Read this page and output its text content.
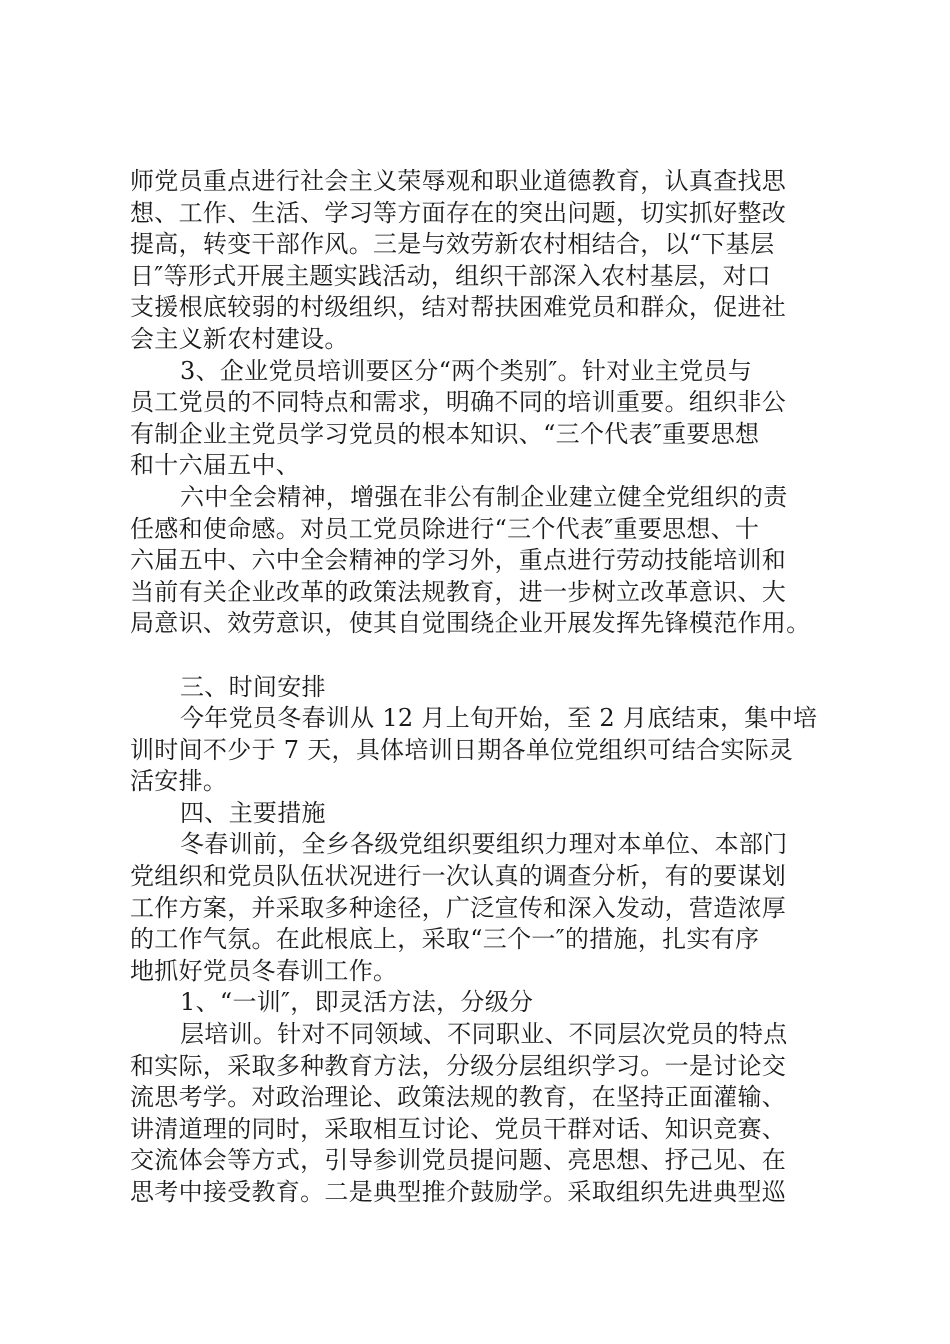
师党员重点进行社会主义荣辱观和职业道德教育，认真查找思
想、工作、生活、学习等方面存在的突出问题，切实抓好整改
提高，转变干部作风。三是与效劳新农村相结合，以“下基层
日″等形式开展主题实践活动，组织干部深入农村基层，对口
支援根底较弱的村级组织，结对帮扶困难党员和群众，促进社
会主义新农村建设。
3、企业党员培训要区分“两个类别″。针对业主党员与
员工党员的不同特点和需求，明确不同的培训重要。组织非公
有制企业主党员学习党员的根本知识、“三个代表″重要思想
和十六届五中、
六中全会精神，增强在非公有制企业建立健全党组织的责
任感和使命感。对员工党员除进行“三个代表″重要思想、十
六届五中、六中全会精神的学习外，重点进行劳动技能培训和
当前有关企业改革的政策法规教育，进一步树立改革意识、大
局意识、效劳意识，使其自觉围绕企业开展发挥先锋模范作用。
三、时间安排
今年党员冬春训从 12 月上旬开始，至 2 月底结束，集中培
训时间不少于 7 天，具体培训日期各单位党组织可结合实际灵
活安排。
四、主要措施
冬春训前，全乡各级党组织要组织力理对本单位、本部门
党组织和党员队伍状况进行一次认真的调查分析，有的要谋划
工作方案，并采取多种途径，广泛宣传和深入发动，营造浓厚
的工作气氛。在此根底上，采取“三个一″的措施，扎实有序
地抓好党员冬春训工作。
1、“一训″，即灵活方法，分级分
层培训。针对不同领域、不同职业、不同层次党员的特点
和实际，采取多种教育方法，分级分层组织学习。一是讨论交
流思考学。对政治理论、政策法规的教育，在坚持正面灌输、
讲清道理的同时，采取相互讨论、党员干群对话、知识竞赛、
交流体会等方式，引导参训党员提问题、亮思想、抒己见、在
思考中接受教育。二是典型推介鼓励学。采取组织先进典型巡
